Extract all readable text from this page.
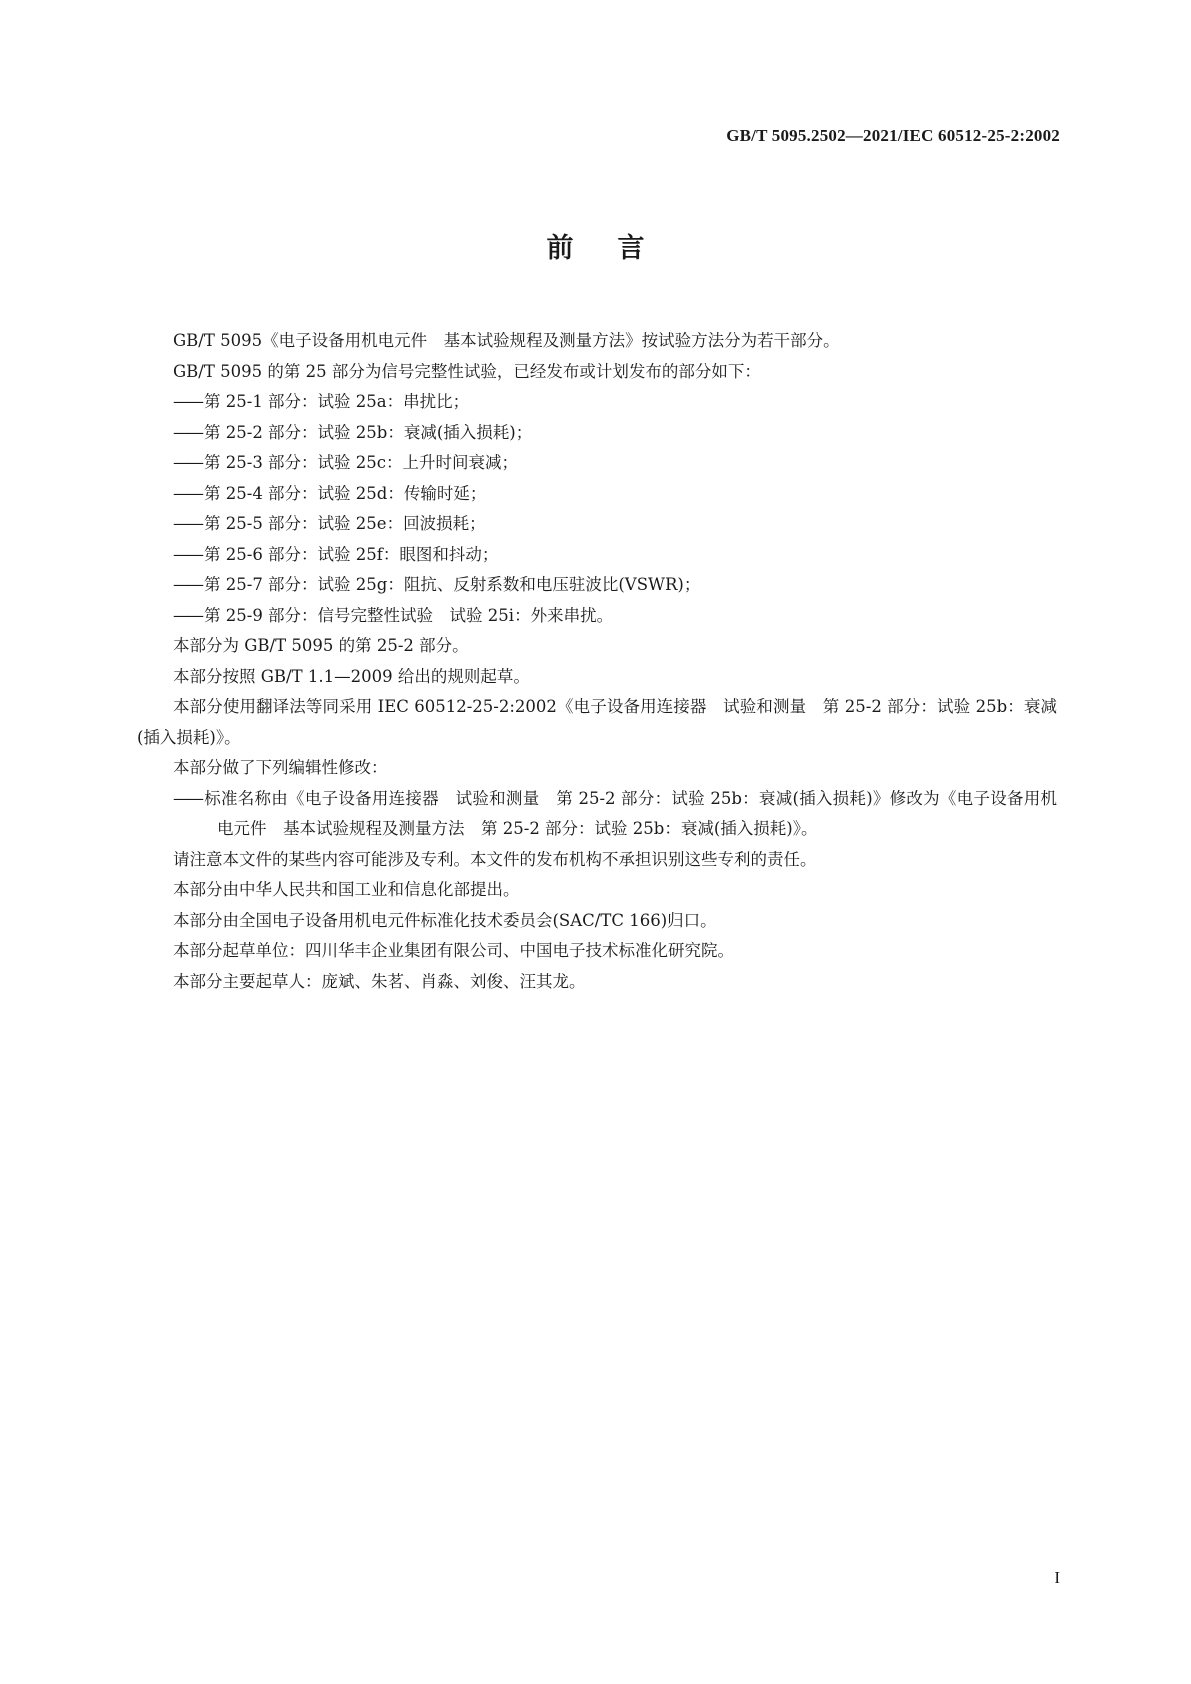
GB/T 5095.2502—2021/IEC 60512-25-2:2002
前言

GB/T 5095《电子设备用机电元件　基本试验规程及测量方法》按试验方法分为若干部分。

GB/T 5095 的第 25 部分为信号完整性试验，已经发布或计划发布的部分如下：

—— 第 25-1 部分：试验 25a：串扰比；

—— 第 25-2 部分：试验 25b：衰减(插入损耗)；

—— 第 25-3 部分：试验 25c：上升时间衰减；

—— 第 25-4 部分：试验 25d：传输时延；

—— 第 25-5 部分：试验 25e：回波损耗；

—— 第 25-6 部分：试验 25f：眼图和抖动；

—— 第 25-7 部分：试验 25g：阻抗、反射系数和电压驻波比(VSWR)；

—— 第 25-9 部分：信号完整性试验　试验 25i：外来串扰。

本部分为 GB/T 5095 的第 25-2 部分。

本部分按照 GB/T 1.1—2009 给出的规则起草。

本部分使用翻译法等同采用 IEC 60512-25-2:2002《电子设备用连接器　试验和测量　第 25-2 部分：试验 25b：衰减(插入损耗)》。

本部分做了下列编辑性修改：

—— 标准名称由《电子设备用连接器　试验和测量　第 25-2 部分：试验 25b：衰减(插入损耗)》修改为《电子设备用机电元件　基本试验规程及测量方法　第 25-2 部分：试验 25b：衰减(插入损耗)》。

请注意本文件的某些内容可能涉及专利。本文件的发布机构不承担识别这些专利的责任。

本部分由中华人民共和国工业和信息化部提出。

本部分由全国电子设备用机电元件标准化技术委员会(SAC/TC 166)归口。

本部分起草单位：四川华丰企业集团有限公司、中国电子技术标准化研究院。

本部分主要起草人：庞斌、朱茗、肖淼、刘俊、汪其龙。

I
